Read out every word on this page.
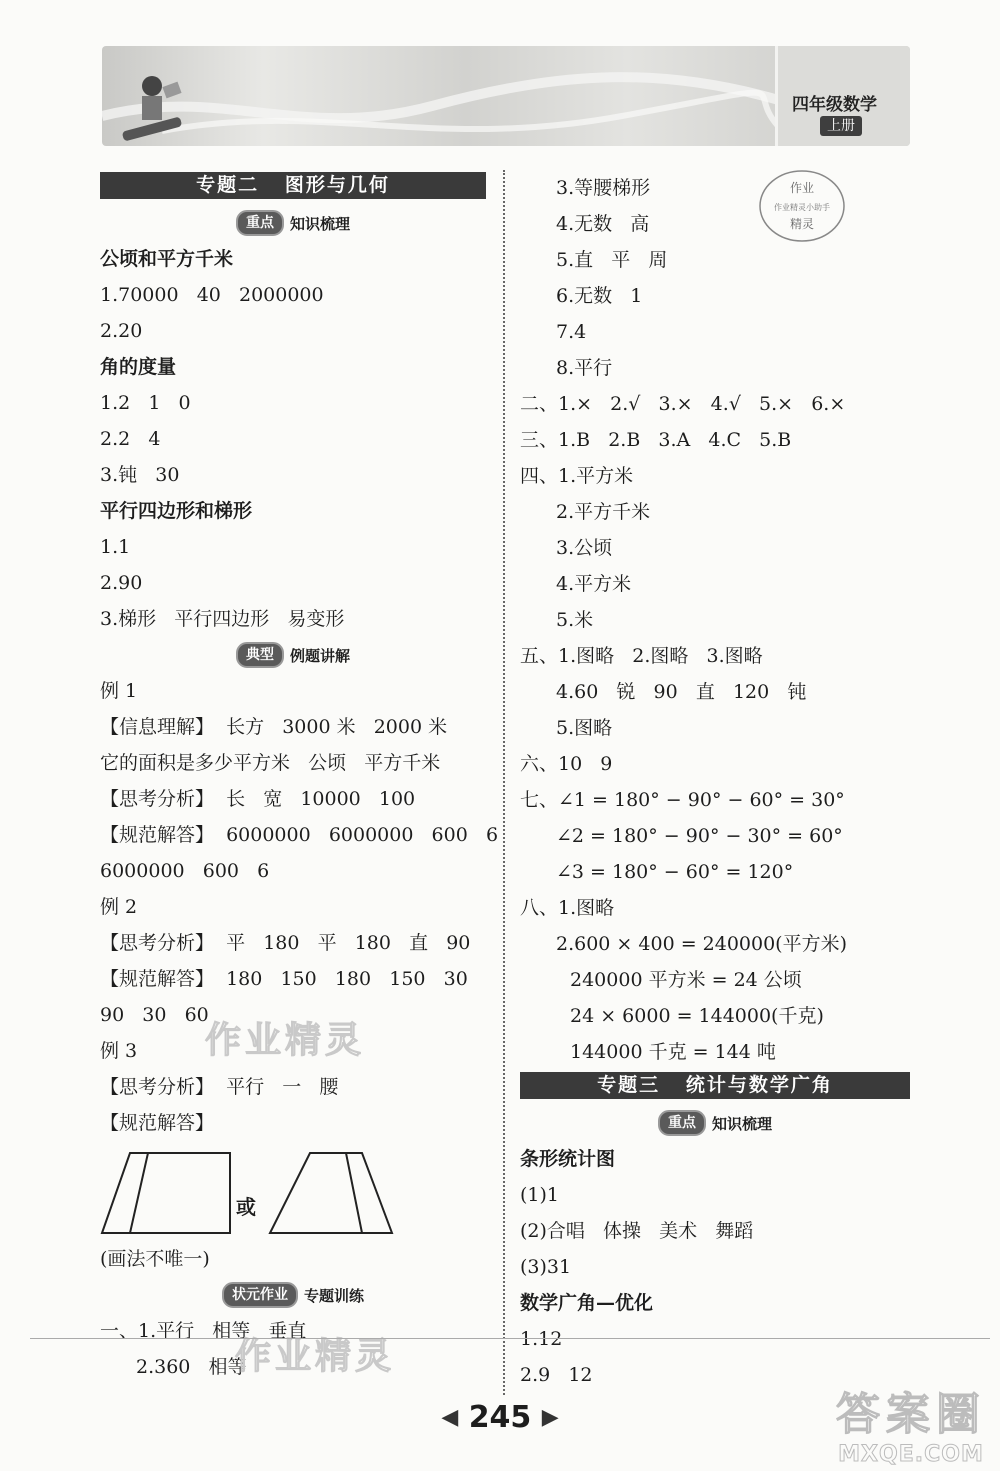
四年级数学
上册
专题二   图形与几何
重点	知识梳理
公顷和平方千米
1.70000   40   2000000
2.20
角的度量
1.2   1   0
2.2   4
3.钝   30
平行四边形和梯形
1.1
2.90
3.梯形   平行四边形   易变形
典型	例题讲解
例 1
【信息理解】  长方   3000 米   2000 米
它的面积是多少平方米   公顷   平方千米
【思考分析】  长   宽   10000   100
【规范解答】  6000000   6000000   600   6
6000000   600   6
例 2
【思考分析】  平   180   平   180   直   90
【规范解答】  180   150   180   150   30
90   30   60
例 3
【思考分析】  平行   一   腰
【规范解答】
或
(画法不唯一)
状元作业	专题训练
一、1.平行   相等   垂直
2.360   相等
3.等腰梯形
4.无数   高
5.直   平   周
6.无数   1
7.4
8.平行
二、1.×   2.√   3.×   4.√   5.×   6.×
三、1.B   2.B   3.A   4.C   5.B
四、1.平方米
2.平方千米
3.公顷
4.平方米
5.米
五、1.图略   2.图略   3.图略
4.60   锐   90   直   120   钝
5.图略
六、10   9
七、∠1 = 180° − 90° − 60° = 30°
∠2 = 180° − 90° − 30° = 60°
∠3 = 180° − 60° = 120°
八、1.图略
2.600 × 400 = 240000(平方米)
240000 平方米 = 24 公顷
24 × 6000 = 144000(千克)
144000 千克 = 144 吨
专题三   统计与数学广角
重点	知识梳理
条形统计图
(1)1
(2)合唱   体操   美术   舞蹈
(3)31
数学广角—优化
1.12
2.9   12
作业
作业精灵小助手
精灵
作业精灵
作业精灵
◀ 245 ▶	答案圈
MXQE.COM
